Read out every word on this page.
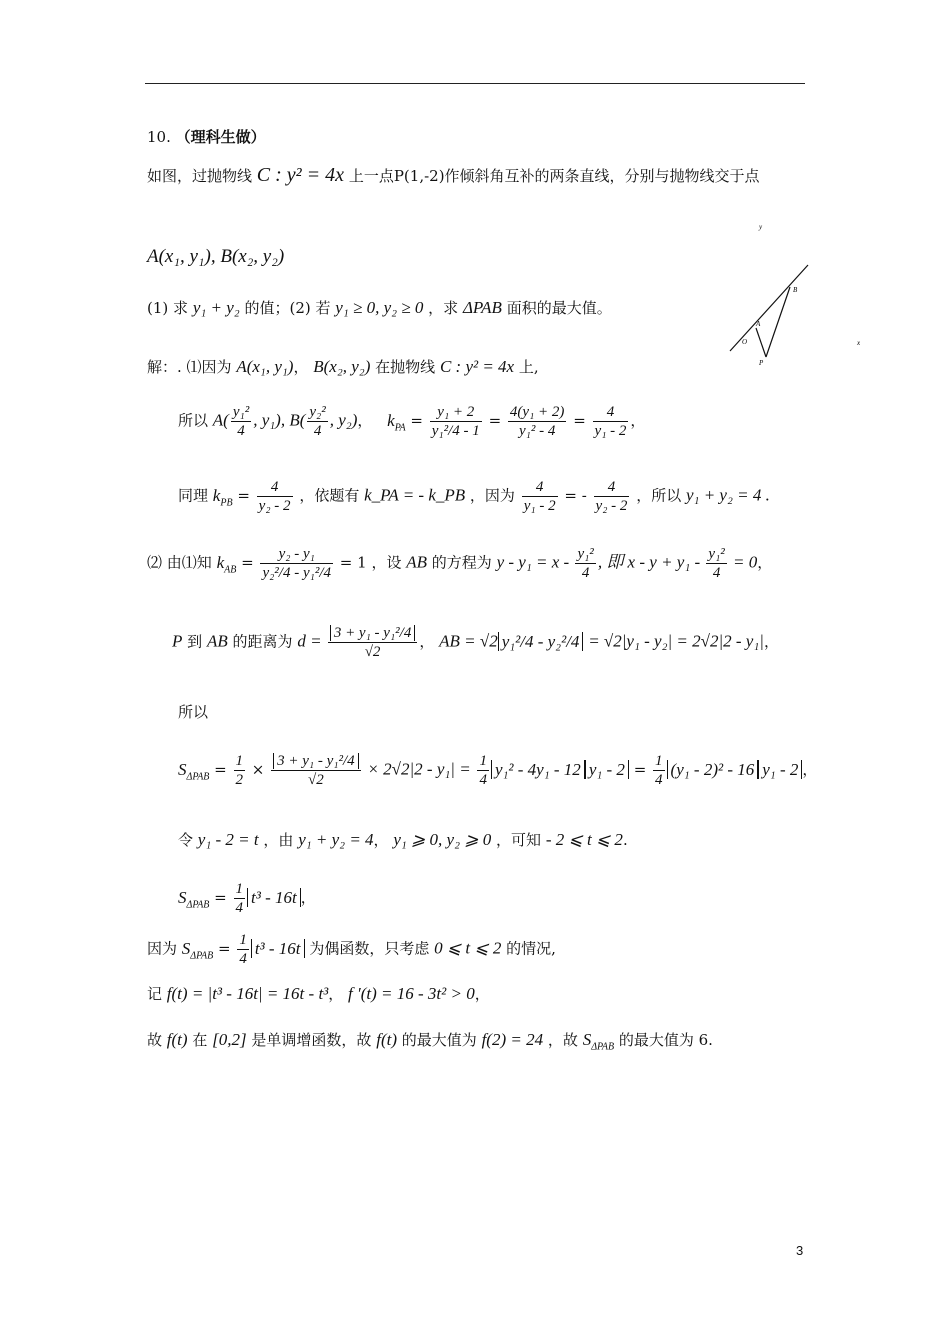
10. （理科生做）
如图，过抛物线 C : y² = 4x 上一点P(1,-2)作倾斜角互补的两条直线，分别与抛物线交于点
A(x₁, y₁), B(x₂, y₂)
(1) 求 y₁ + y₂ 的值；(2) 若 y₁ ≥ 0, y₂ ≥ 0 ，求 ΔPAB 面积的最大值。
y
x
B
A
O
P
解：. ⑴因为 A(x₁, y₁)， B(x₂, y₂) 在抛物线 C : y² = 4x 上,
所以 $A( \frac{\text{y₁²}}{4}$ , y₁), $B( \frac{\text{y₂²}}{4}$ , y₂)， $k_{PA} = \frac{\text{y₁ + 2}}{\text{y₁²/4 - 1}} = \frac{\text{4(y₁ + 2)}}{\text{y₁² - 4}} = \frac{4}{\text{y₁ - 2}}$ ，
同理 $k_{PB} = \frac{4}{\text{y₂ - 2}}$ ，依题有 k_PA = - k_PB ，因为 $\frac{4}{\text{y₁ - 2}}$ = - $\frac{4}{\text{y₂ - 2}}$ ，所以 y₁ + y₂ = 4 .
⑵ 由⑴知 $k_{AB} = \frac{\text{y₂ - y₁}}{\text{y₂²/4 - y₁²/4}} = 1$ ，设 AB 的方程为 $y - y_1 = x - \frac{\text{y₁²}}{4}$ , 即 $x - y + y_1 - \frac{\text{y₁²}}{4} = 0$，
P 到 AB 的距离为 $d = \frac{\text{3 + y₁ - y₁²/4}}{√2}$ ， AB = √2 y₁²/4 - y₂²/4 = √2|y₁ - y₂| = 2√2|2 - y₁|，
所以
$S_{\Delta PAB} = \frac{1}{2} \times \frac{\text{3 + y₁ - y₁²/4}}{√2} \times 2√2|2 - y_1| = \frac{1}{4} y_1^2 - 4y_1 - 12$ $y_1 - 2 = \frac{1}{4} (y_1 - 2)^2 - 16$ y₁ - 2 ，
令 y₁ - 2 = t ，由 y₁ + y₂ = 4， y₁ ⩾ 0, y₂ ⩾ 0 ，可知 - 2 ⩽ t ⩽ 2.
$S_{\Delta PAB} = \frac{1}{4} t^3 - 16t$ ，
因为 $S_{\Delta PAB} = \frac{1}{4} t^3 - 16t$ 为偶函数，只考虑 0 ⩽ t ⩽ 2 的情况,
记 f(t) = |t³ - 16t| = 16t - t³， f ′(t) = 16 - 3t² > 0，
故 f(t) 在 [0,2] 是单调增函数，故 f(t) 的最大值为 f(2) = 24 ，故 $S_{\Delta PAB}$ 的最大值为 6.
3
